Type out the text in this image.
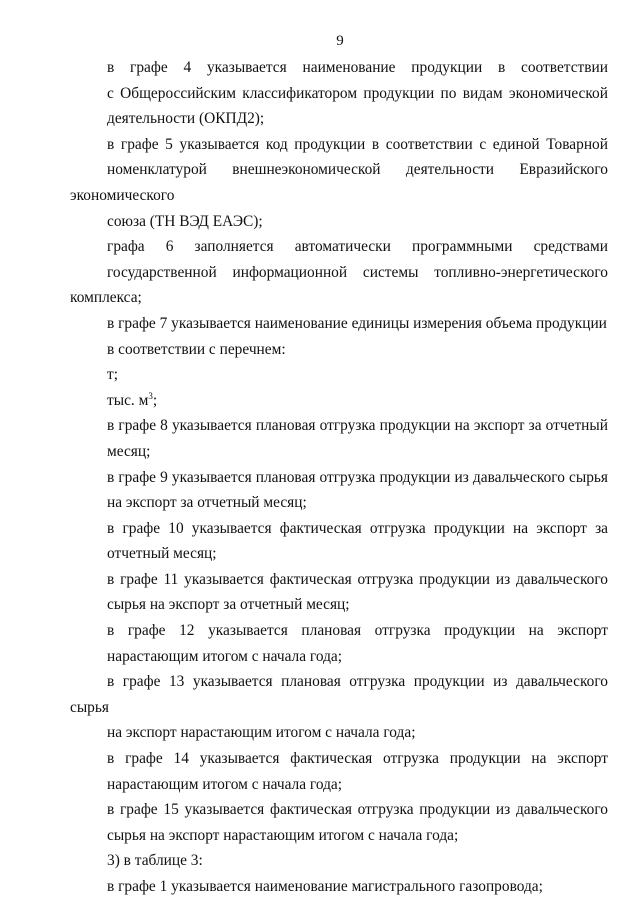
9
в графе 4 указывается наименование продукции в соответствии
с Общероссийским классификатором продукции по видам экономической
деятельности (ОКПД2);
в графе 5 указывается код продукции в соответствии с единой Товарной
номенклатурой внешнеэкономической деятельности Евразийского экономического
союза (ТН ВЭД ЕАЭС);
графа 6 заполняется автоматически программными средствами
государственной информационной системы топливно-энергетического комплекса;
в графе 7 указывается наименование единицы измерения объема продукции
в соответствии с перечнем:
т;
тыс. $м^3$;
в графе 8 указывается плановая отгрузка продукции на экспорт за отчетный
месяц;
в графе 9 указывается плановая отгрузка продукции из давальческого сырья
на экспорт за отчетный месяц;
в графе 10 указывается фактическая отгрузка продукции на экспорт за
отчетный месяц;
в графе 11 указывается фактическая отгрузка продукции из давальческого
сырья на экспорт за отчетный месяц;
в графе 12 указывается плановая отгрузка продукции на экспорт
нарастающим итогом с начала года;
в графе 13 указывается плановая отгрузка продукции из давальческого сырья
на экспорт нарастающим итогом с начала года;
в графе 14 указывается фактическая отгрузка продукции на экспорт
нарастающим итогом с начала года;
в графе 15 указывается фактическая отгрузка продукции из давальческого
сырья на экспорт нарастающим итогом с начала года;
3) в таблице 3:
в графе 1 указывается наименование магистрального газопровода;
